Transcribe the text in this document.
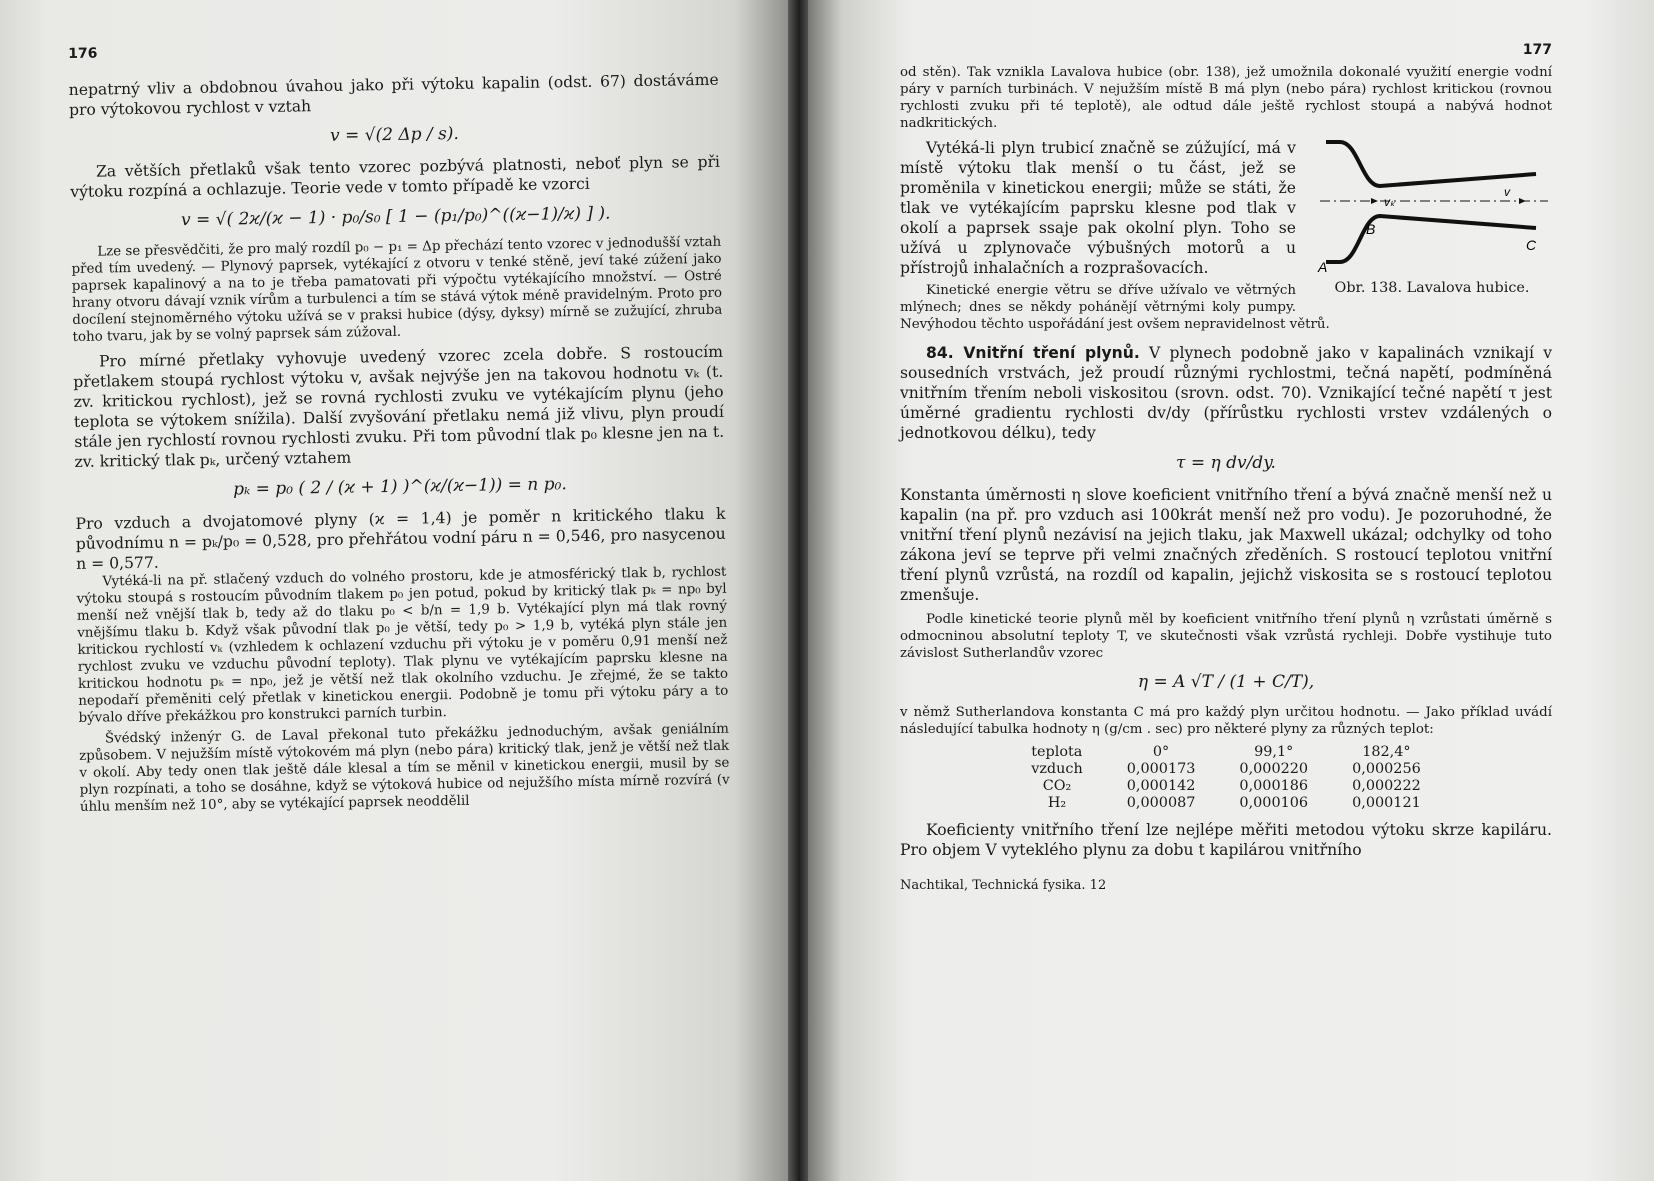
176

nepatrný vliv a obdobnou úvahou jako při výtoku kapalin (odst. 67) dostáváme pro výtokovou rychlost v vztah

v = √(2 Δp / s).

Za větších přetlaků však tento vzorec pozbývá platnosti, neboť plyn se při výtoku rozpíná a ochlazuje. Teorie vede v tomto případě ke vzorci

v = √( 2ϰ/(ϰ − 1) · p₀/s₀ [ 1 − (p₁/p₀)^((ϰ−1)/ϰ) ] ).

Lze se přesvědčiti, že pro malý rozdíl p₀ − p₁ = Δp přechází tento vzorec v jednodušší vztah před tím uvedený. — Plynový paprsek, vytékající z otvoru v tenké stěně, jeví také zúžení jako paprsek kapalinový a na to je třeba pamatovati při výpočtu vytékajícího množství. — Ostré hrany otvoru dávají vznik vírům a turbulenci a tím se stává výtok méně pravidelným. Proto pro docílení stejnoměrného výtoku užívá se v praksi hubice (dýsy, dyksy) mírně se zužující, zhruba toho tvaru, jak by se volný paprsek sám zúžoval.

Pro mírné přetlaky vyhovuje uvedený vzorec zcela dobře. S rostoucím přetlakem stoupá rychlost výtoku v, avšak nejvýše jen na takovou hodnotu vₖ (t. zv. kritickou rychlost), jež se rovná rychlosti zvuku ve vytékajícím plynu (jeho teplota se výtokem snížila). Další zvyšování přetlaku nemá již vlivu, plyn proudí stále jen rychlostí rovnou rychlosti zvuku. Při tom původní tlak p₀ klesne jen na t. zv. kritický tlak pₖ, určený vztahem

pₖ = p₀ ( 2 / (ϰ + 1) )^(ϰ/(ϰ−1)) = n p₀.

Pro vzduch a dvojatomové plyny (ϰ = 1,4) je poměr n kritického tlaku k původnímu n = pₖ/p₀ = 0,528, pro přehřátou vodní páru n = 0,546, pro nasycenou n = 0,577.

Vytéká-li na př. stlačený vzduch do volného prostoru, kde je atmosférický tlak b, rychlost výtoku stoupá s rostoucím původním tlakem p₀ jen potud, pokud by kritický tlak pₖ = np₀ byl menší než vnější tlak b, tedy až do tlaku p₀ < b/n = 1,9 b. Vytékající plyn má tlak rovný vnějšímu tlaku b. Když však původní tlak p₀ je větší, tedy p₀ > 1,9 b, vytéká plyn stále jen kritickou rychlostí vₖ (vzhledem k ochlazení vzduchu při výtoku je v poměru 0,91 menší než rychlost zvuku ve vzduchu původní teploty). Tlak plynu ve vytékajícím paprsku klesne na kritickou hodnotu pₖ = np₀, jež je větší než tlak okolního vzduchu. Je zřejmé, že se takto nepodaří přeměniti celý přetlak v kinetickou energii. Podobně je tomu při výtoku páry a to bývalo dříve překážkou pro konstrukci parních turbin.

Švédský inženýr G. de Laval překonal tuto překážku jednoduchým, avšak geniálním způsobem. V nejužším místě výtokovém má plyn (nebo pára) kritický tlak, jenž je větší než tlak v okolí. Aby tedy onen tlak ještě dále klesal a tím se měnil v kinetickou energii, musil by se plyn rozpínati, a toho se dosáhne, když se výtoková hubice od nejužšího místa mírně rozvírá (v úhlu menším než 10°, aby se vytékající paprsek neoddělil

177

od stěn). Tak vznikla Lavalova hubice (obr. 138), jež umožnila dokonalé využití energie vodní páry v parních turbinách. V nejužším místě B má plyn (nebo pára) rychlost kritickou (rovnou rychlosti zvuku při té teplotě), ale odtud dále ještě rychlost stoupá a nabývá hodnot nadkritických.

A
B
C
vₖ
v
Obr. 138. Lavalova hubice.

Vytéká-li plyn trubicí značně se zúžující, má v místě výtoku tlak menší o tu část, jež se proměnila v kinetickou energii; může se státi, že tlak ve vytékajícím paprsku klesne pod tlak v okolí a paprsek ssaje pak okolní plyn. Toho se užívá u zplynovače výbušných motorů a u přístrojů inhalačních a rozprašovacích.

Kinetické energie větru se dříve užívalo ve větrných mlýnech; dnes se někdy pohánějí větrnými koly pumpy. Nevýhodou těchto uspořádání jest ovšem nepravidelnost větrů.

84. Vnitřní tření plynů. V plynech podobně jako v kapalinách vznikají v sousedních vrstvách, jež proudí různými rychlostmi, tečná napětí, podmíněná vnitřním třením neboli viskositou (srovn. odst. 70). Vznikající tečné napětí τ jest úměrné gradientu rychlosti dv/dy (přírůstku rychlosti vrstev vzdálených o jednotkovou délku), tedy

τ = η dv/dy.

Konstanta úměrnosti η slove koeficient vnitřního tření a bývá značně menší než u kapalin (na př. pro vzduch asi 100krát menší než pro vodu). Je pozoruhodné, že vnitřní tření plynů nezávisí na jejich tlaku, jak Maxwell ukázal; odchylky od toho zákona jeví se teprve při velmi značných zředěních. S rostoucí teplotou vnitřní tření plynů vzrůstá, na rozdíl od kapalin, jejichž viskosita se s rostoucí teplotou zmenšuje.

Podle kinetické teorie plynů měl by koeficient vnitřního tření plynů η vzrůstati úměrně s odmocninou absolutní teploty T, ve skutečnosti však vzrůstá rychleji. Dobře vystihuje tuto závislost Sutherlandův vzorec

η = A √T / (1 + C/T),

v němž Sutherlandova konstanta C má pro každý plyn určitou hodnotu. — Jako příklad uvádí následující tabulka hodnoty η (g/cm . sec) pro některé plyny za různých teplot:

teplota	0°	99,1°	182,4°
vzduch	0,000173	0,000220	0,000256
CO₂	0,000142	0,000186	0,000222
H₂	0,000087	0,000106	0,000121

Koeficienty vnitřního tření lze nejlépe měřiti metodou výtoku skrze kapiláru. Pro objem V vyteklého plynu za dobu t kapilárou vnitřního

Nachtikal, Technická fysika. 12
